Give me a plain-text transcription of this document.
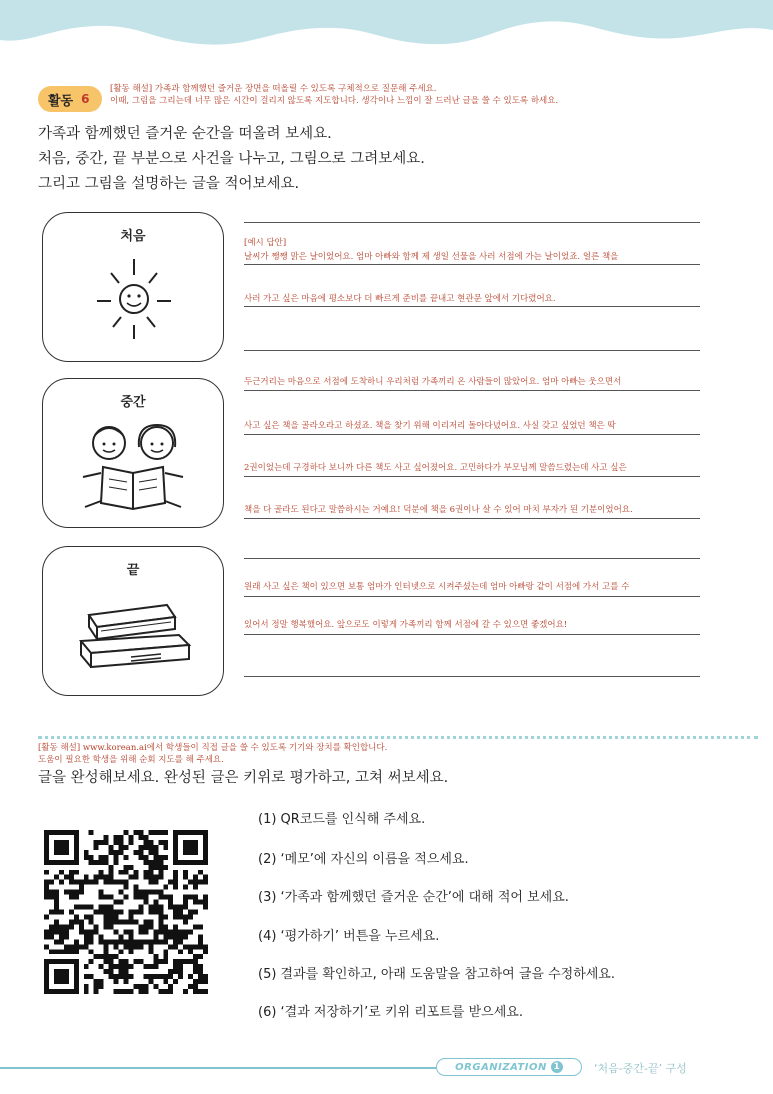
활동 6
[활동 해설] 가족과 함께했던 즐거운 장면을 떠올릴 수 있도록 구체적으로 질문해 주세요.
이때, 그림을 그리는데 너무 많은 시간이 걸리지 않도록 지도합니다. 생각이나 느낌이 잘 드러난 글을 쓸 수 있도록 하세요.
가족과 함께했던 즐거운 순간을 떠올려 보세요.
처음, 중간, 끝 부분으로 사건을 나누고, 그림으로 그려보세요.
그리고 그림을 설명하는 글을 적어보세요.
처음
중간
끝
[예시 답안]
날씨가 쨍쨍 맑은 날이었어요. 엄마 아빠와 함께 제 생일 선물을 사러 서점에 가는 날이었죠. 얼른 책을
사러 가고 싶은 마음에 평소보다 더 빠르게 준비를 끝내고 현관문 앞에서 기다렸어요.
두근거리는 마음으로 서점에 도착하니 우리처럼 가족끼리 온 사람들이 많았어요. 엄마 아빠는 웃으면서
사고 싶은 책을 골라오라고 하셨죠. 책을 찾기 위해 이리저리 돌아다녔어요. 사실 갖고 싶었던 책은 딱
2권이었는데 구경하다 보니까 다른 책도 사고 싶어졌어요. 고민하다가 부모님께 말씀드렸는데 사고 싶은
책을 다 골라도 된다고 말씀하시는 거예요! 덕분에 책을 6권이나 살 수 있어 마치 부자가 된 기분이었어요.
원래 사고 싶은 책이 있으면 보통 엄마가 인터넷으로 시켜주셨는데 엄마 아빠랑 같이 서점에 가서 고를 수
있어서 정말 행복했어요. 앞으로도 이렇게 가족끼리 함께 서점에 갈 수 있으면 좋겠어요!
[활동 해설] www.korean.ai에서 학생들이 직접 글을 쓸 수 있도록 기기와 장치를 확인합니다.
도움이 필요한 학생을 위해 순회 지도를 해 주세요.
글을 완성해보세요. 완성된 글은 키위로 평가하고, 고쳐 써보세요.
(1) QR코드를 인식해 주세요.
(2) ‘메모’에 자신의 이름을 적으세요.
(3) ‘가족과 함께했던 즐거운 순간’에 대해 적어 보세요.
(4) ‘평가하기’ 버튼을 누르세요.
(5) 결과를 확인하고, 아래 도움말을 참고하여 글을 수정하세요.
(6) ‘결과 저장하기’로 키위 리포트를 받으세요.
ORGANIZATION 1	‘처음-중간-끝’ 구성
